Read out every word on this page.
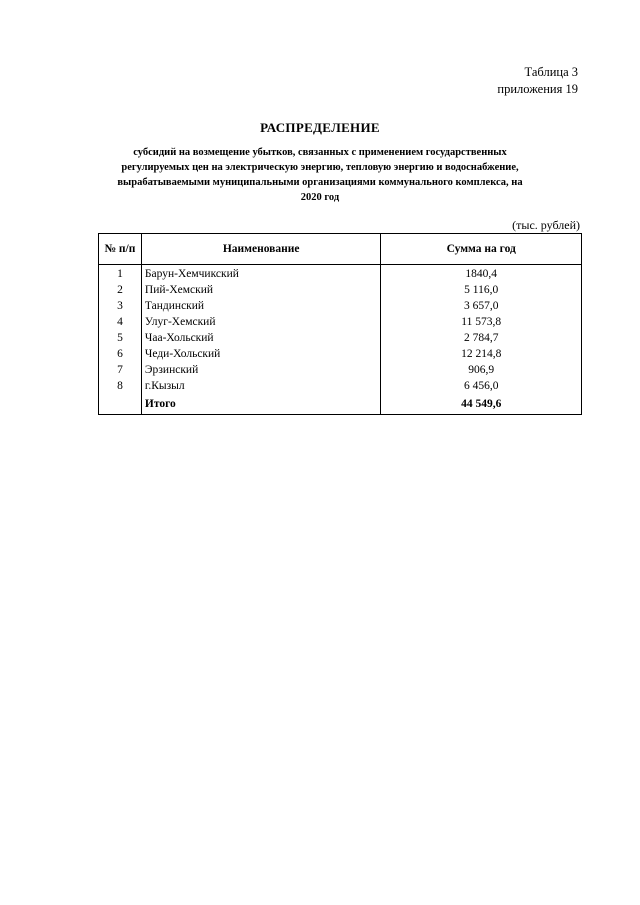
Таблица 3
приложения 19
РАСПРЕДЕЛЕНИЕ
субсидий на возмещение убытков, связанных с применением государственных регулируемых цен на электрическую энергию, тепловую энергию и водоснабжение, вырабатываемыми муниципальными организациями коммунального комплекса, на 2020 год
(тыс. рублей)
№ п/п	Наименование	Сумма на год
1	Барун-Хемчикский	1840,4
2	Пий-Хемский	5 116,0
3	Тандинский	3 657,0
4	Улуг-Хемский	11 573,8
5	Чаа-Хольский	2 784,7
6	Чеди-Хольский	12 214,8
7	Эрзинский	906,9
8	г.Кызыл	6 456,0
	Итого	44 549,6
